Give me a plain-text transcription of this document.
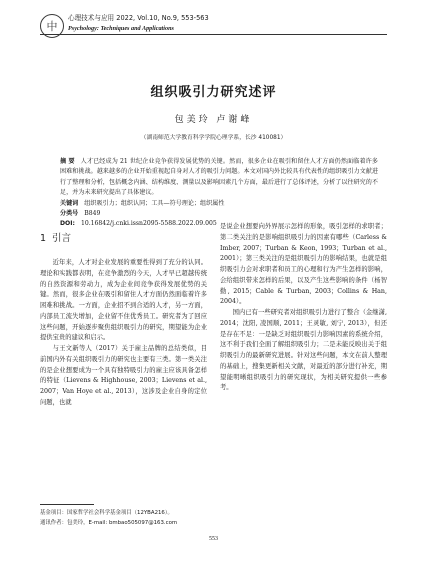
中
心理技术与应用 2022, Vol.10, No.9, 553-563
Psychology: Techniques and Applications
组织吸引力研究述评
包美玲 卢谢峰
（湖南师范大学教育科学学院心理学系，长沙 410081）

摘 要 人才已经成为 21 世纪企业竞争获得发展优势的关键。然而，很多企业在吸引和留住人才方面仍然面临着许多困难和挑战。越来越多的企业开始重视起自身对人才的吸引力问题。本文对国内外比较具有代表性的组织吸引力文献进行了整理和分析，包括概念内涵、结构维度、测量以及影响因素几个方面，最后进行了总体评述，分析了以往研究的不足，并为未来研究提出了具体建议。

关键词 组织吸引力；组织认同；工具—符号理论；组织属性
分类号 B849
DOI: 10.16842/j.cnki.issn2095-5588.2022.09.005
1 引言

近年来，人才对企业发展的重要性得到了充分的认同。理论和实践都表明，在竞争激烈的今天，人才早已超越传统的自然资源和劳动力，成为企业间竞争获得发展优势的关键。然而，很多企业在吸引和留住人才方面仍然面临着许多困难和挑战。一方面，企业招不到合适的人才，另一方面，内部员工流失增加，企业留不住优秀员工。研究者为了回应这些问题，开始逐步聚焦组织吸引力的研究，期望能为企业提供宝贵的建议和启示。

与王文新等人（2017）关于雇主品牌的总结类似，目前国内外有关组织吸引力的研究也主要有三类。第一类关注的是企业想要成为一个具有独特吸引力的雇主应该具备怎样的特征（Lievens & Highhouse, 2003；Lievens et al., 2007；Van Hoye et al., 2013），这涉及企业自身的定位问题，也就

是说企业想要向外界展示怎样的形象，吸引怎样的求职者；第二类关注的是影响组织吸引力的因素有哪些（Carless & Imber, 2007；Turban & Keon, 1993；Turban et al., 2001）；第三类关注的是组织吸引力的影响结果，也就是组织吸引力会对求职者和员工的心理和行为产生怎样的影响，会给组织带来怎样的后果，以及产生这些影响的条件（杨智勤, 2015；Cable & Turban, 2003；Collins & Han, 2004）。

国内已有一些研究者对组织吸引力进行了整合（金继潇, 2014；沈阳, 凌国顺, 2011；王灵敏, 刘宁, 2013），但还是存在不足：一是缺乏对组织吸引力影响因素的系统介绍，这不利于我们全面了解组织吸引力；二是未能反映出关于组织吸引力的最新研究进展。针对这些问题，本文在前人整理的基础上，搜集更新相关文献，对最近的部分进行补充，期望能明晰组织吸引力的研究现状，为相关研究提供一些参考。

基金项目：国家哲学社会科学基金项目（12YBA216）。
通讯作者：包美玲，E-mail: bmbao505097@163.com
553
